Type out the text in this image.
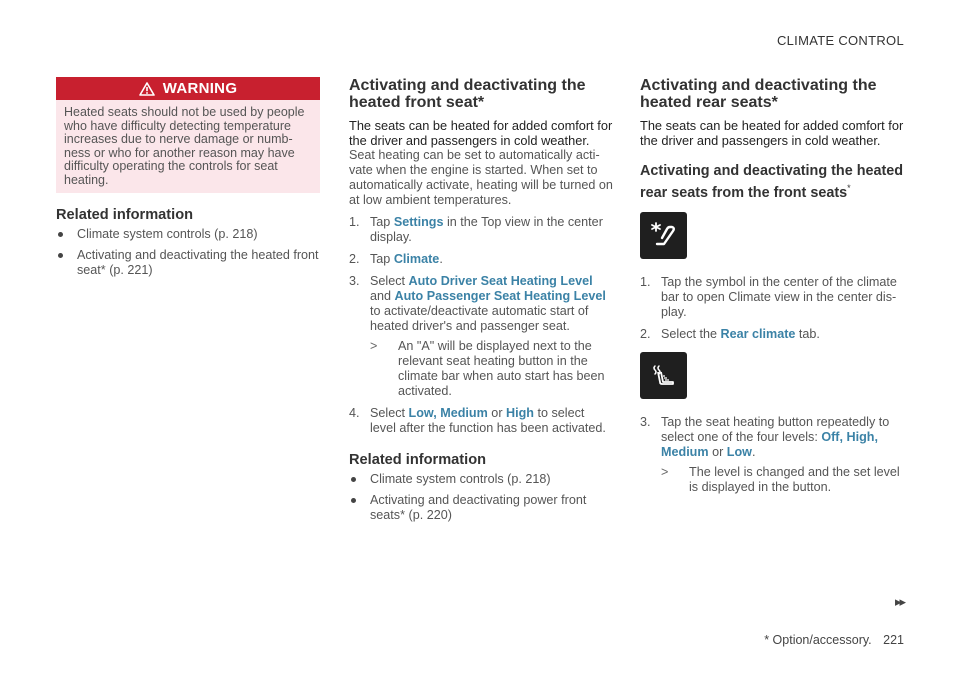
CLIMATE CONTROL
WARNING
Heated seats should not be used by people who have difficulty detecting temperature increases due to nerve damage or numbness or who for another reason may have difficulty operating the controls for seat heating.
Related information
Climate system controls (p. 218)
Activating and deactivating the heated front seat* (p. 221)
Activating and deactivating the heated front seat*
The seats can be heated for added comfort for the driver and passengers in cold weather.

Seat heating can be set to automatically activate when the engine is started. When set to automatically activate, heating will be turned on at low ambient temperatures.

1. Tap Settings in the Top view in the center display.
2. Tap Climate.
3. Select Auto Driver Seat Heating Level and Auto Passenger Seat Heating Level to activate/deactivate automatic start of heated driver's and passenger seat.
> An "A" will be displayed next to the relevant seat heating button in the climate bar when auto start has been activated.
4. Select Low, Medium or High to select level after the function has been activated.
Related information
Climate system controls (p. 218)
Activating and deactivating power front seats* (p. 220)
Activating and deactivating the heated rear seats*
The seats can be heated for added comfort for the driver and passengers in cold weather.
Activating and deactivating the heated rear seats from the front seats*
1. Tap the symbol in the center of the climate bar to open Climate view in the center display.
2. Select the Rear climate tab.
3. Tap the seat heating button repeatedly to select one of the four levels: Off, High, Medium or Low.
> The level is changed and the set level is displayed in the button.
▸▸
* Option/accessory. 221
